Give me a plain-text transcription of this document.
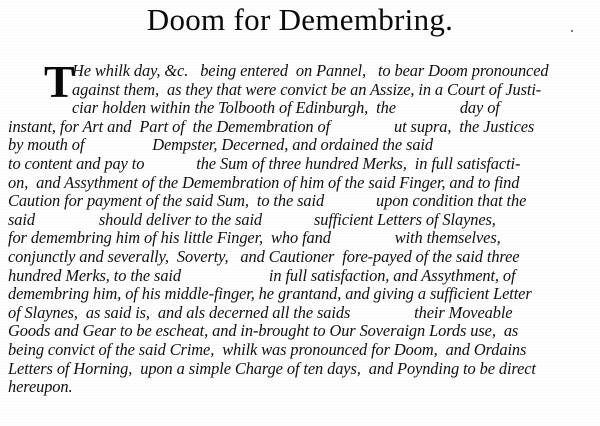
Doom for Demembring.
T
He whilk day, &c.   being entered  on Pannel,   to bear Doom pronounced
against them,  as they that were convict be an Assize, in a Court of Justi-
ciar holden within the Tolbooth of Edinburgh,  the                day of
instant, for Art and  Part of  the Demembration of                ut supra,  the Justices
by mouth of                 Dempster, Decerned, and ordained the said
to content and pay to             the Sum of three hundred Merks,  in full satisfacti-
on,  and Assythment of the Demembration of him of the said Finger, and to find
Caution for payment of the said Sum,  to the said             upon condition that the
said                should deliver to the said             sufficient Letters of Slaynes,
for demembring him of his little Finger,  who fand                with themselves,
conjunctly and severally,  Soverty,   and Cautioner  fore-payed of the said three
hundred Merks, to the said                      in full satisfaction, and Assythment, of
demembring him, of his middle-finger, he grantand, and giving a sufficient Letter
of Slaynes,  as said is,  and als decerned all the saids                their Moveable
Goods and Gear to be escheat, and in-brought to Our Soveraign Lords use,  as
being convict of the said Crime,  whilk was pronounced for Doom,  and Ordains
Letters of Horning,  upon a simple Charge of ten days,  and Poynding to be direct
hereupon.
